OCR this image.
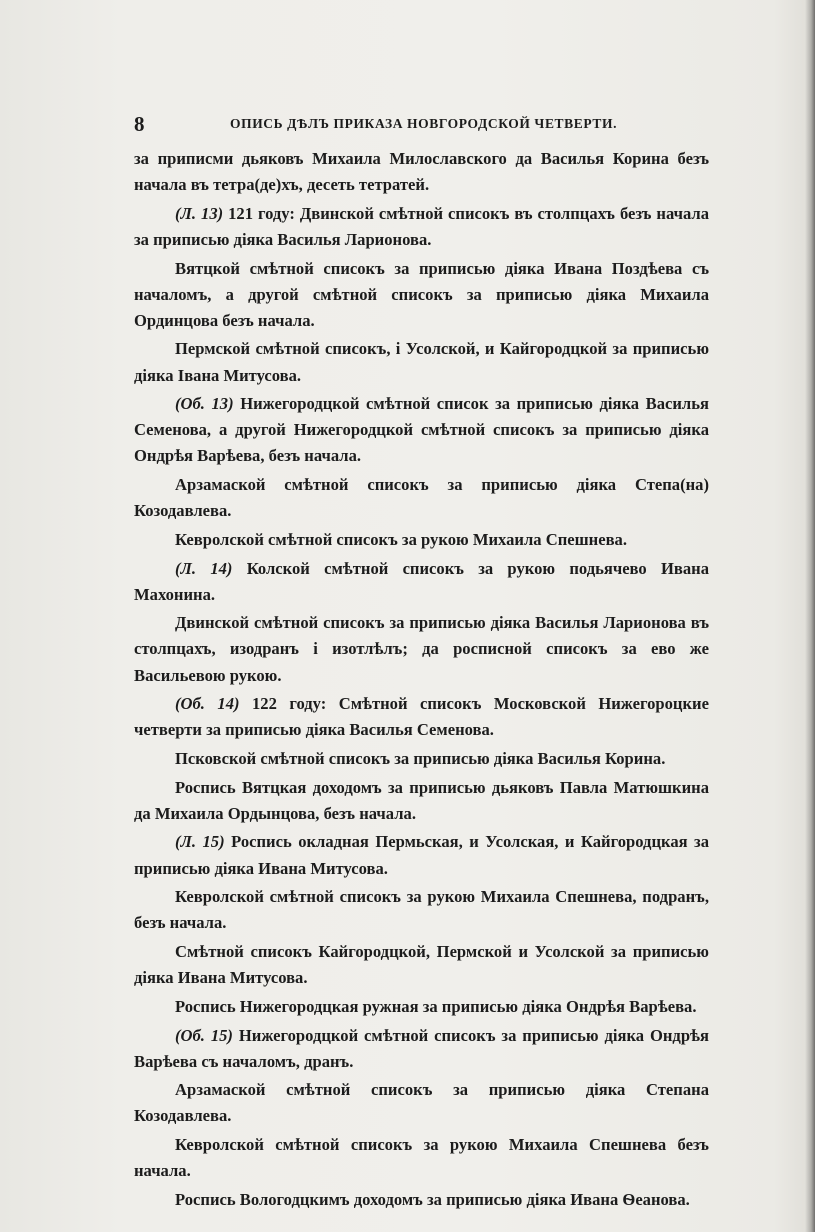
8	ОПИСЬ ДѢЛЪ ПРИКАЗА НОВГОРОДСКОЙ ЧЕТВЕРТИ.

за приписми дьяковъ Михаила Милославского да Василья Корина безъ начала въ тетра(де)хъ, десеть тетратей.

(Л. 13) 121 году: Двинской смѣтной списокъ въ столпцахъ безъ начала за приписью дiяка Василья Ларионова.

Вятцкой смѣтной списокъ за приписью дiяка Ивана Поздѣева съ началомъ, а другой смѣтной списокъ за приписью дiяка Михаила Ординцова безъ начала.

Пермской смѣтной списокъ, і Усолской, и Кайгородцкой за приписью дiяка Івана Митусова.

(Об. 13) Нижегородцкой смѣтной список за приписью дiяка Василья Семенова, а другой Нижегородцкой смѣтной списокъ за приписью дiяка Ондрѣя Варѣева, безъ начала.

Арзамаской смѣтной списокъ за приписью дiяка Степа(на) Козодавлева.

Кевролской смѣтной списокъ за рукою Михаила Спешнева.

(Л. 14) Колской смѣтной списокъ за рукою подьячево Ивана Махонина.

Двинской смѣтной списокъ за приписью дiяка Василья Ларионова въ столпцахъ, изодранъ і изотлѣлъ; да росписной списокъ за ево же Васильевою рукою.

(Об. 14) 122 году: Смѣтной списокъ Московской Нижегороцкие четверти за приписью дiяка Василья Семенова.

Псковской смѣтной списокъ за приписью дiяка Василья Корина.

Роспись Вятцкая доходомъ за приписью дьяковъ Павла Матюшкина да Михаила Ордынцова, безъ начала.

(Л. 15) Роспись окладная Пермьская, и Усолская, и Кайгородцкая за приписью дiяка Ивана Митусова.

Кевролской смѣтной списокъ за рукою Михаила Спешнева, подранъ, безъ начала.

Смѣтной списокъ Кайгородцкой, Пермской и Усолской за приписью дiяка Ивана Митусова.

Роспись Нижегородцкая ружная за приписью дiяка Ондрѣя Варѣева.

(Об. 15) Нижегородцкой смѣтной списокъ за приписью дiяка Ондрѣя Варѣева съ началомъ, дранъ.

Арзамаской смѣтной списокъ за приписью дiяка Степана Козодавлева.

Кевролской смѣтной списокъ за рукою Михаила Спешнева безъ начала.

Роспись Вологодцкимъ доходомъ за приписью дiяка Ивана Ѳеанова.
